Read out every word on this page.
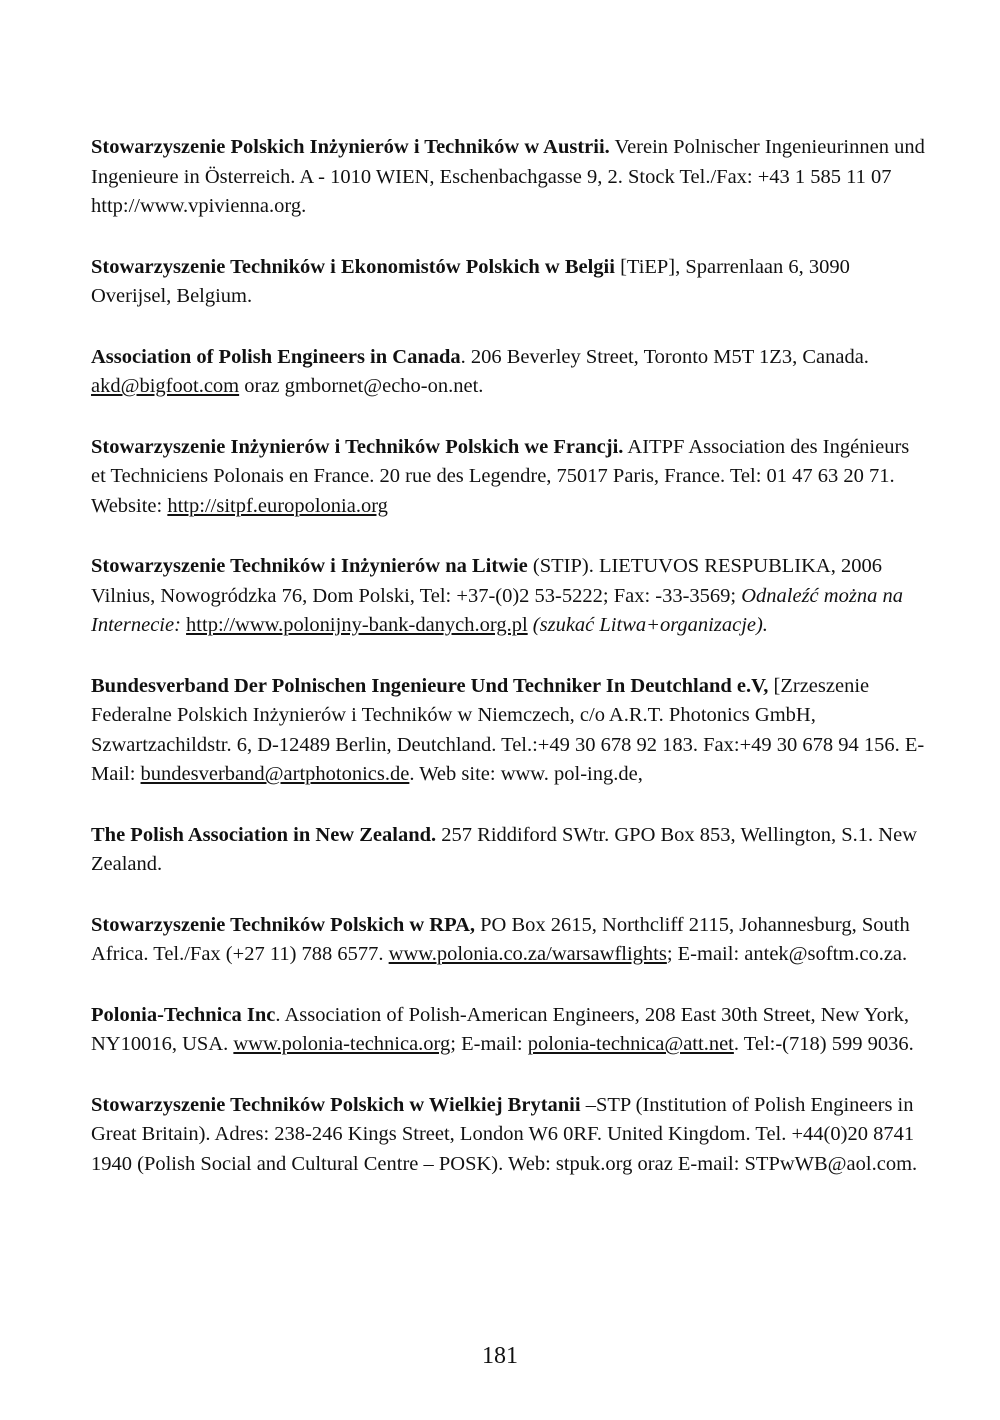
Stowarzyszenie Polskich Inżynierów i Techników w Austrii. Verein Polnischer Ingenieurinnen und Ingenieure in Österreich. A - 1010 WIEN, Eschenbachgasse 9, 2. Stock Tel./Fax: +43 1 585 11 07 http://www.vpivienna.org.

Stowarzyszenie Techników i Ekonomistów Polskich w Belgii [TiEP], Sparrenlaan 6, 3090 Overijsel, Belgium.

Association of Polish Engineers in Canada. 206 Beverley Street, Toronto M5T 1Z3, Canada. akd@bigfoot.com oraz gmbornet@echo-on.net.

Stowarzyszenie Inżynierów i Techników Polskich we Francji. AITPF Association des Ingénieurs et Techniciens Polonais en France. 20 rue des Legendre, 75017 Paris, France. Tel: 01 47 63 20 71. Website: http://sitpf.europolonia.org

Stowarzyszenie Techników i Inżynierów na Litwie (STIP). LIETUVOS RESPUBLIKA, 2006 Vilnius, Nowogródzka 76, Dom Polski, Tel: +37-(0)2 53-5222; Fax: -33-3569; Odnaleźć można na Internecie: http://www.polonijny-bank-danych.org.pl (szukać Litwa+organizacje).

Bundesverband Der Polnischen Ingenieure Und Techniker In Deutchland e.V, [Zrzeszenie Federalne Polskich Inżynierów i Techników w Niemczech, c/o A.R.T. Photonics GmbH, Szwartzachildstr. 6, D-12489 Berlin, Deutchland. Tel.:+49 30 678 92 183. Fax:+49 30 678 94 156. E-Mail: bundesverband@artphotonics.de. Web site: www. pol-ing.de,

The Polish Association in New Zealand. 257 Riddiford SWtr. GPO Box 853, Wellington, S.1. New Zealand.

Stowarzyszenie Techników Polskich w RPA, PO Box 2615, Northcliff 2115, Johannesburg, South Africa. Tel./Fax (+27 11) 788 6577. www.polonia.co.za/warsawflights; E-mail: antek@softm.co.za.

Polonia-Technica Inc. Association of Polish-American Engineers, 208 East 30th Street, New York, NY10016, USA. www.polonia-technica.org; E-mail: polonia-technica@att.net. Tel:-(718) 599 9036.

Stowarzyszenie Techników Polskich w Wielkiej Brytanii –STP (Institution of Polish Engineers in Great Britain). Adres: 238-246 Kings Street, London W6 0RF. United Kingdom. Tel. +44(0)20 8741 1940 (Polish Social and Cultural Centre – POSK). Web: stpuk.org oraz E-mail: STPwWB@aol.com.

181
